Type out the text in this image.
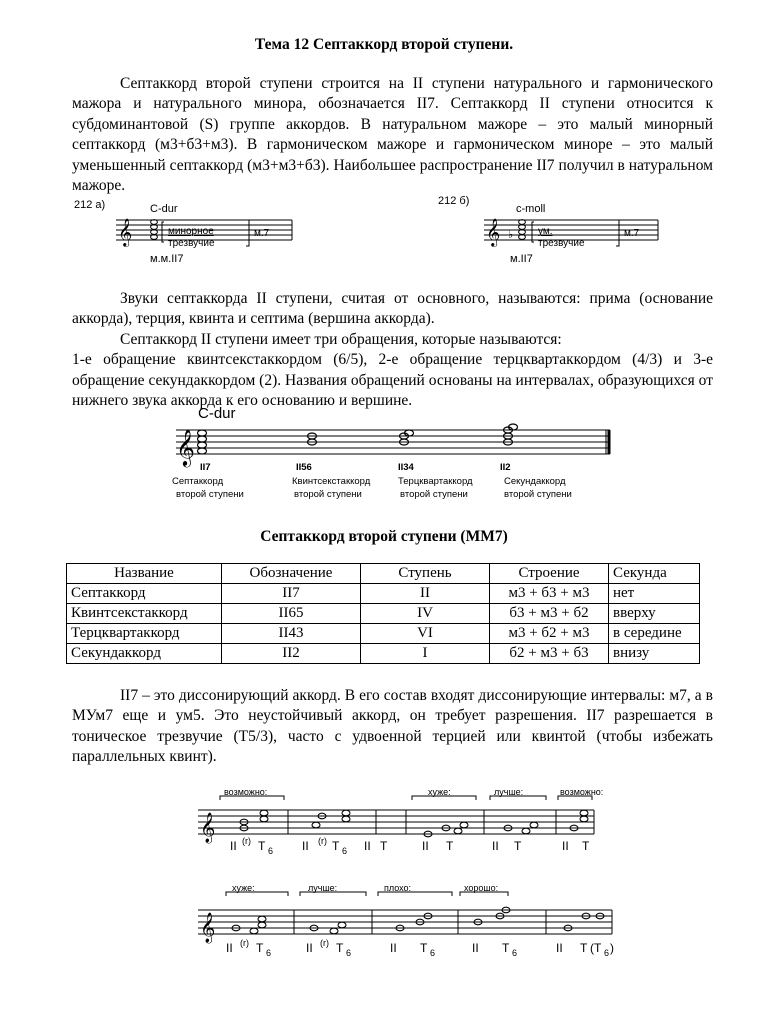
Тема 12 Септаккорд второй ступени.

Септаккорд второй ступени строится на II ступени натурального и гармонического мажора и натурального минора, обозначается II7. Септаккорд II ступени относится к субдоминантовой (S) группе аккордов. В натуральном мажоре – это малый минорный септаккорд (м3+б3+м3). В гармоническом мажоре и гармоническом миноре – это малый уменьшенный септаккорд (м3+м3+б3). Наибольшее распространение II7 получил в натуральном мажоре.

212 а)	C-dur
𝄞	минорное
трезвучие
м.7
м.м.II7
212 б)
c-moll
𝄞 ♭ ум.
трезвучие
м.7
м.II7

Звуки септаккорда II ступени, считая от основного, называются: прима (основание аккорда), терция, квинта и септима (вершина аккорда).

Септаккорд II ступени имеет три обращения, которые называются:

1-е обращение квинтсекстаккордом (6/5), 2-е обращение терцквартаккордом (4/3) и 3-е обращение секундаккордом (2). Названия обращений основаны на интервалах, образующихся от нижнего звука аккорда к его основанию и вершине.

C-dur
𝄞
II7
Септаккорд
второй ступени
II56
Квинтсекстаккорд
второй ступени
II34
Терцквартаккорд
второй ступени
II2
Секундаккорд
второй ступени
Септаккорд второй ступени (ММ7)
Название	Обозначение	Ступень	Строение	Секунда
Септаккорд	II7	II	м3 + б3 + м3	нет
Квинтсекстаккорд	II65	IV	б3 + м3 + б2	вверху
Терцквартаккорд	II43	VI	м3 + б2 + м3	в середине
Секундаккорд	II2	I	б2 + м3 + б3	внизу

II7 – это диссонирующий аккорд. В его состав входят диссонирующие интервалы: м7, а в МУм7 еще и ум5. Это неустойчивый аккорд, он требует разрешения. II7 разрешается в тоническое трезвучие (Т5/3), часто с удвоенной терцией или квинтой (чтобы избежать параллельных квинт).

𝄞
возможно:	хуже:	лучше:	возможно:
II (r) T 6 II (r) T 6 II T	II T	II T	II T
𝄞
хуже:	лучше:	плохо:	хорошо:
II (r) T 6	II (r) T 6	II T 6	II T 6	II T (T 6 )
